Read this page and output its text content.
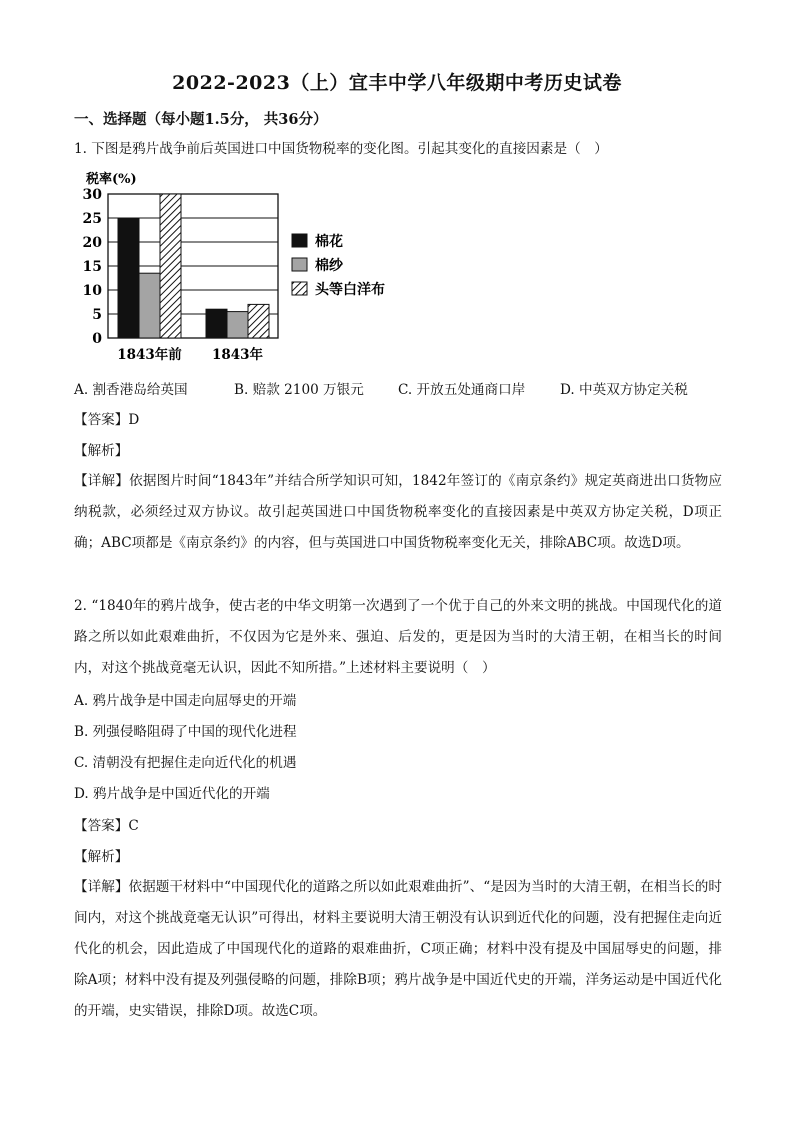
2022-2023（上）宜丰中学八年级期中考历史试卷
一、选择题（每小题1.5分， 共36分）
1. 下图是鸦片战争前后英国进口中国货物税率的变化图。引起其变化的直接因素是（　）
0
5
10
15
20
25
30
1843年前 1843年
棉花
棉纱
头等白洋布
税率(%)
A. 割香港岛给英国	B. 赔款 2100 万银元	C. 开放五处通商口岸	D. 中英双方协定关税
【答案】D
【解析】
【详解】依据图片时间“1843年”并结合所学知识可知，1842年签订的《南京条约》规定英商进出口货物应纳税款，必须经过双方协议。故引起英国进口中国货物税率变化的直接因素是中英双方协定关税，D项正确；ABC项都是《南京条约》的内容，但与英国进口中国货物税率变化无关，排除ABC项。故选D项。
2. “1840年的鸦片战争，使古老的中华文明第一次遇到了一个优于自己的外来文明的挑战。中国现代化的道路之所以如此艰难曲折，不仅因为它是外来、强迫、后发的，更是因为当时的大清王朝，在相当长的时间内，对这个挑战竟毫无认识，因此不知所措。”上述材料主要说明（　）
A. 鸦片战争是中国走向屈辱史的开端
B. 列强侵略阻碍了中国的现代化进程
C. 清朝没有把握住走向近代化的机遇
D. 鸦片战争是中国近代化的开端
【答案】C
【解析】
【详解】依据题干材料中“中国现代化的道路之所以如此艰难曲折”、“是因为当时的大清王朝，在相当长的时间内，对这个挑战竟毫无认识”可得出，材料主要说明大清王朝没有认识到近代化的问题，没有把握住走向近代化的机会，因此造成了中国现代化的道路的艰难曲折，C项正确；材料中没有提及中国屈辱史的问题，排除A项；材料中没有提及列强侵略的问题，排除B项；鸦片战争是中国近代史的开端，洋务运动是中国近代化的开端，史实错误，排除D项。故选C项。
